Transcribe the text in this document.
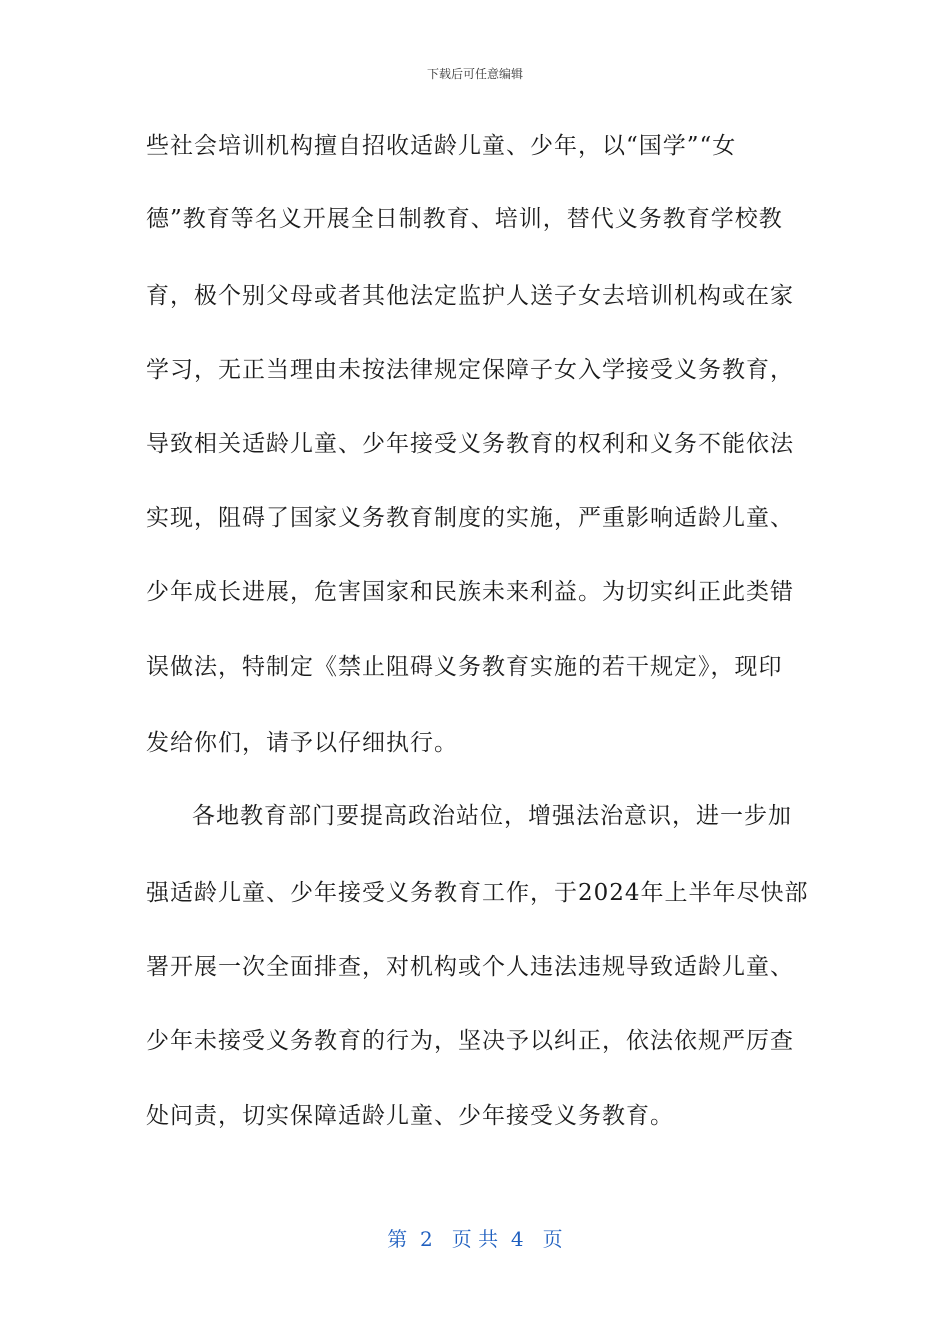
下载后可任意编辑
些社会培训机构擅自招收适龄儿童、少年，以“国学”“女
德”教育等名义开展全日制教育、培训，替代义务教育学校教
育，极个别父母或者其他法定监护人送子女去培训机构或在家
学习，无正当理由未按法律规定保障子女入学接受义务教育，
导致相关适龄儿童、少年接受义务教育的权利和义务不能依法
实现，阻碍了国家义务教育制度的实施，严重影响适龄儿童、
少年成长进展，危害国家和民族未来利益。为切实纠正此类错
误做法，特制定《禁止阻碍义务教育实施的若干规定》，现印
发给你们，请予以仔细执行。
各地教育部门要提高政治站位，增强法治意识，进一步加
强适龄儿童、少年接受义务教育工作，于2024年上半年尽快部
署开展一次全面排查，对机构或个人违法违规导致适龄儿童、
少年未接受义务教育的行为，坚决予以纠正，依法依规严厉查
处问责，切实保障适龄儿童、少年接受义务教育。
第  2   页 共  4   页
